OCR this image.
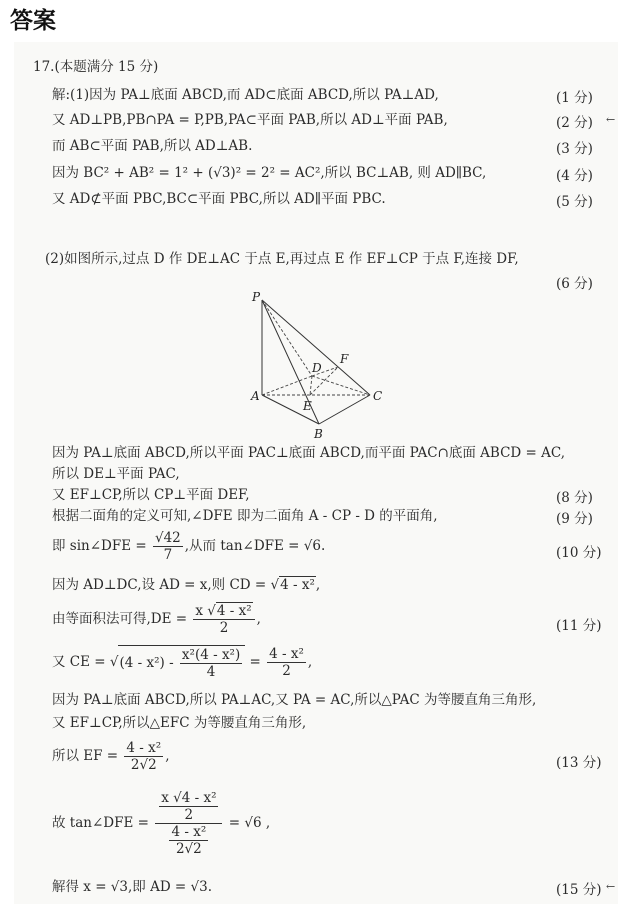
答案
17.(本题满分 15 分)
解:(1)因为 PA⊥底面 ABCD,而 AD⊂底面 ABCD,所以 PA⊥AD,	(1 分)
又 AD⊥PB,PB∩PA = P,PB,PA⊂平面 PAB,所以 AD⊥平面 PAB,	(2 分) ←
而 AB⊂平面 PAB,所以 AD⊥AB.	(3 分)
因为 BC² + AB² = 1² + (√3)² = 2² = AC²,所以 BC⊥AB, 则 AD∥BC,	(4 分)
又 AD⊄平面 PBC,BC⊂平面 PBC,所以 AD∥平面 PBC.	(5 分)
(2)如图所示,过点 D 作 DE⊥AC 于点 E,再过点 E 作 EF⊥CP 于点 F,连接 DF,
(6 分)
P
A
B
C
D
E
F
因为 PA⊥底面 ABCD,所以平面 PAC⊥底面 ABCD,而平面 PAC∩底面 ABCD = AC,
所以 DE⊥平面 PAC,
又 EF⊥CP,所以 CP⊥平面 DEF,	(8 分)
根据二面角的定义可知,∠DFE 即为二面角 A - CP - D 的平面角,	(9 分)
即 sin∠DFE = $\frac{√42}{7}$ ,从而 tan∠DFE = √6.	(10 分)
因为 AD⊥DC,设 AD = x,则 CD = √4 - x²,
由等面积法可得$,DE = \frac{\text{x √4 - x²}}{2}$ ,	(11 分)
又 CE = $√(4 - x^2) - \frac{\text{x²(4 - x²)}}{4} = \frac{\text{4 - x²}}{2}$ ,
因为 PA⊥底面 ABCD,所以 PA⊥AC,又 PA = AC,所以△PAC 为等腰直角三角形,
又 EF⊥CP,所以△EFC 为等腰直角三角形,
所以 EF = $\frac{\text{4 - x²}}{2√2}$ ,	(13 分)
故 tan∠DFE = $\frac{\frac{\text{x √4 - x²}}{2}}{\frac{\text{4 - x²}}{2√2}} = √6$ ,
解得 x = √3,即 AD = √3.	(15 分) ←
